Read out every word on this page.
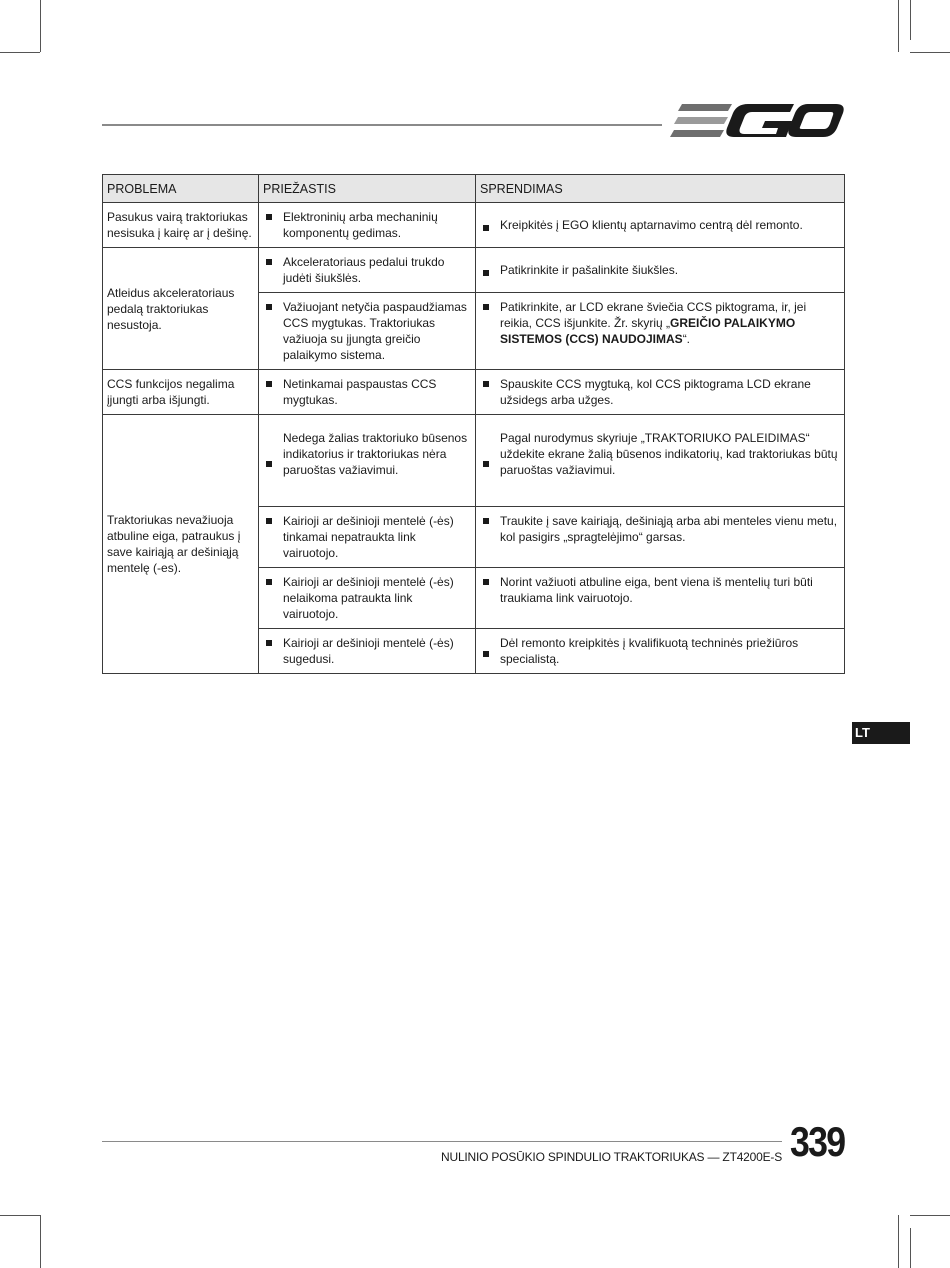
PROBLEMA	PRIEŽASTIS	SPRENDIMAS
Pasukus vairą traktoriukas nesisuka į kairę ar į dešinę.	Elektroninių arba mechaninių komponentų gedimas.	Kreipkitės į EGO klientų aptarnavimo centrą dėl remonto.
Atleidus akceleratoriaus pedalą traktoriukas nesustoja.	Akceleratoriaus pedalui trukdo judėti šiukšlės.	Patikrinkite ir pašalinkite šiukšles.
	Važiuojant netyčia paspaudžiamas CCS mygtukas. Traktoriukas važiuoja su įjungta greičio palaikymo sistema.	Patikrinkite, ar LCD ekrane šviečia CCS piktograma, ir, jei reikia, CCS išjunkite. Žr. skyrių „GREIČIO PALAIKYMO SISTEMOS (CCS) NAUDOJIMAS“.
CCS funkcijos negalima įjungti arba išjungti.	Netinkamai paspaustas CCS mygtukas.	Spauskite CCS mygtuką, kol CCS piktograma LCD ekrane užsidegs arba užges.
Traktoriukas nevažiuoja atbuline eiga, patraukus į save kairiąją ar dešiniąją mentelę (-es).	Nedega žalias traktoriuko būsenos indikatorius ir traktoriukas nėra paruoštas važiavimui.	Pagal nurodymus skyriuje „TRAKTORIUKO PALEIDIMAS“ uždekite ekrane žalią būsenos indikatorių, kad traktoriukas būtų paruoštas važiavimui.
	Kairioji ar dešinioji mentelė (-ės) tinkamai nepatraukta link vairuotojo.	Traukite į save kairiąją, dešiniąją arba abi menteles vienu metu, kol pasigirs „spragtelėjimo“ garsas.
	Kairioji ar dešinioji mentelė (-ės) nelaikoma patraukta link vairuotojo.	Norint važiuoti atbuline eiga, bent viena iš mentelių turi būti traukiama link vairuotojo.
	Kairioji ar dešinioji mentelė (-ės) sugedusi.	Dėl remonto kreipkitės į kvalifikuotą techninės priežiūros specialistą.
LT
NULINIO POSŪKIO SPINDULIO TRAKTORIUKAS — ZT4200E-S 339
